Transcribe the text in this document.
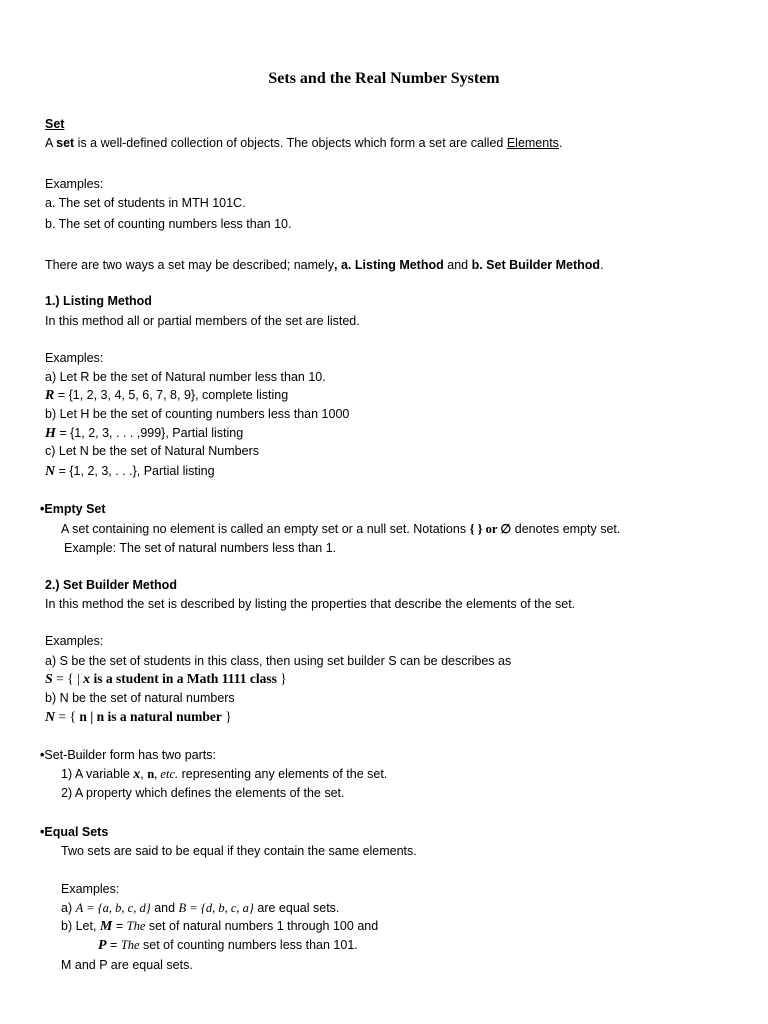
Sets and the Real Number System
Set
A set is a well-defined collection of objects. The objects which form a set are called Elements.
Examples:
a. The set of students in MTH 101C.
b. The set of counting numbers less than 10.
There are two ways a set may be described; namely, a. Listing Method and b. Set Builder Method.
1.) Listing Method
In this method all or partial members of the set are listed.
Examples:
a) Let R be the set of Natural number less than 10.
R = {1, 2, 3, 4, 5, 6, 7, 8, 9}, complete listing
b) Let H be the set of counting numbers less than 1000
H = {1, 2, 3, . . . ,999}, Partial listing
c) Let N be the set of Natural Numbers
N = {1, 2, 3, . . .}, Partial listing
•Empty Set
A set containing no element is called an empty set or a null set. Notations { } or ∅ denotes empty set.
Example: The set of natural numbers less than 1.
2.) Set Builder Method
In this method the set is described by listing the properties that describe the elements of the set.
Examples:
a) S be the set of students in this class, then using set builder S can be describes as
S = { | x is a student in a Math 1111 class }
b) N be the set of natural numbers
N = { n | n is a natural number }
•Set-Builder form has two parts:
1) A variable x, n, etc. representing any elements of the set.
2) A property which defines the elements of the set.
•Equal Sets
Two sets are said to be equal if they contain the same elements.
Examples:
a) A = {a, b, c, d} and B = {d, b, c, a} are equal sets.
b) Let, M = The set of natural numbers 1 through 100 and
P = The set of counting numbers less than 101.
M and P are equal sets.
